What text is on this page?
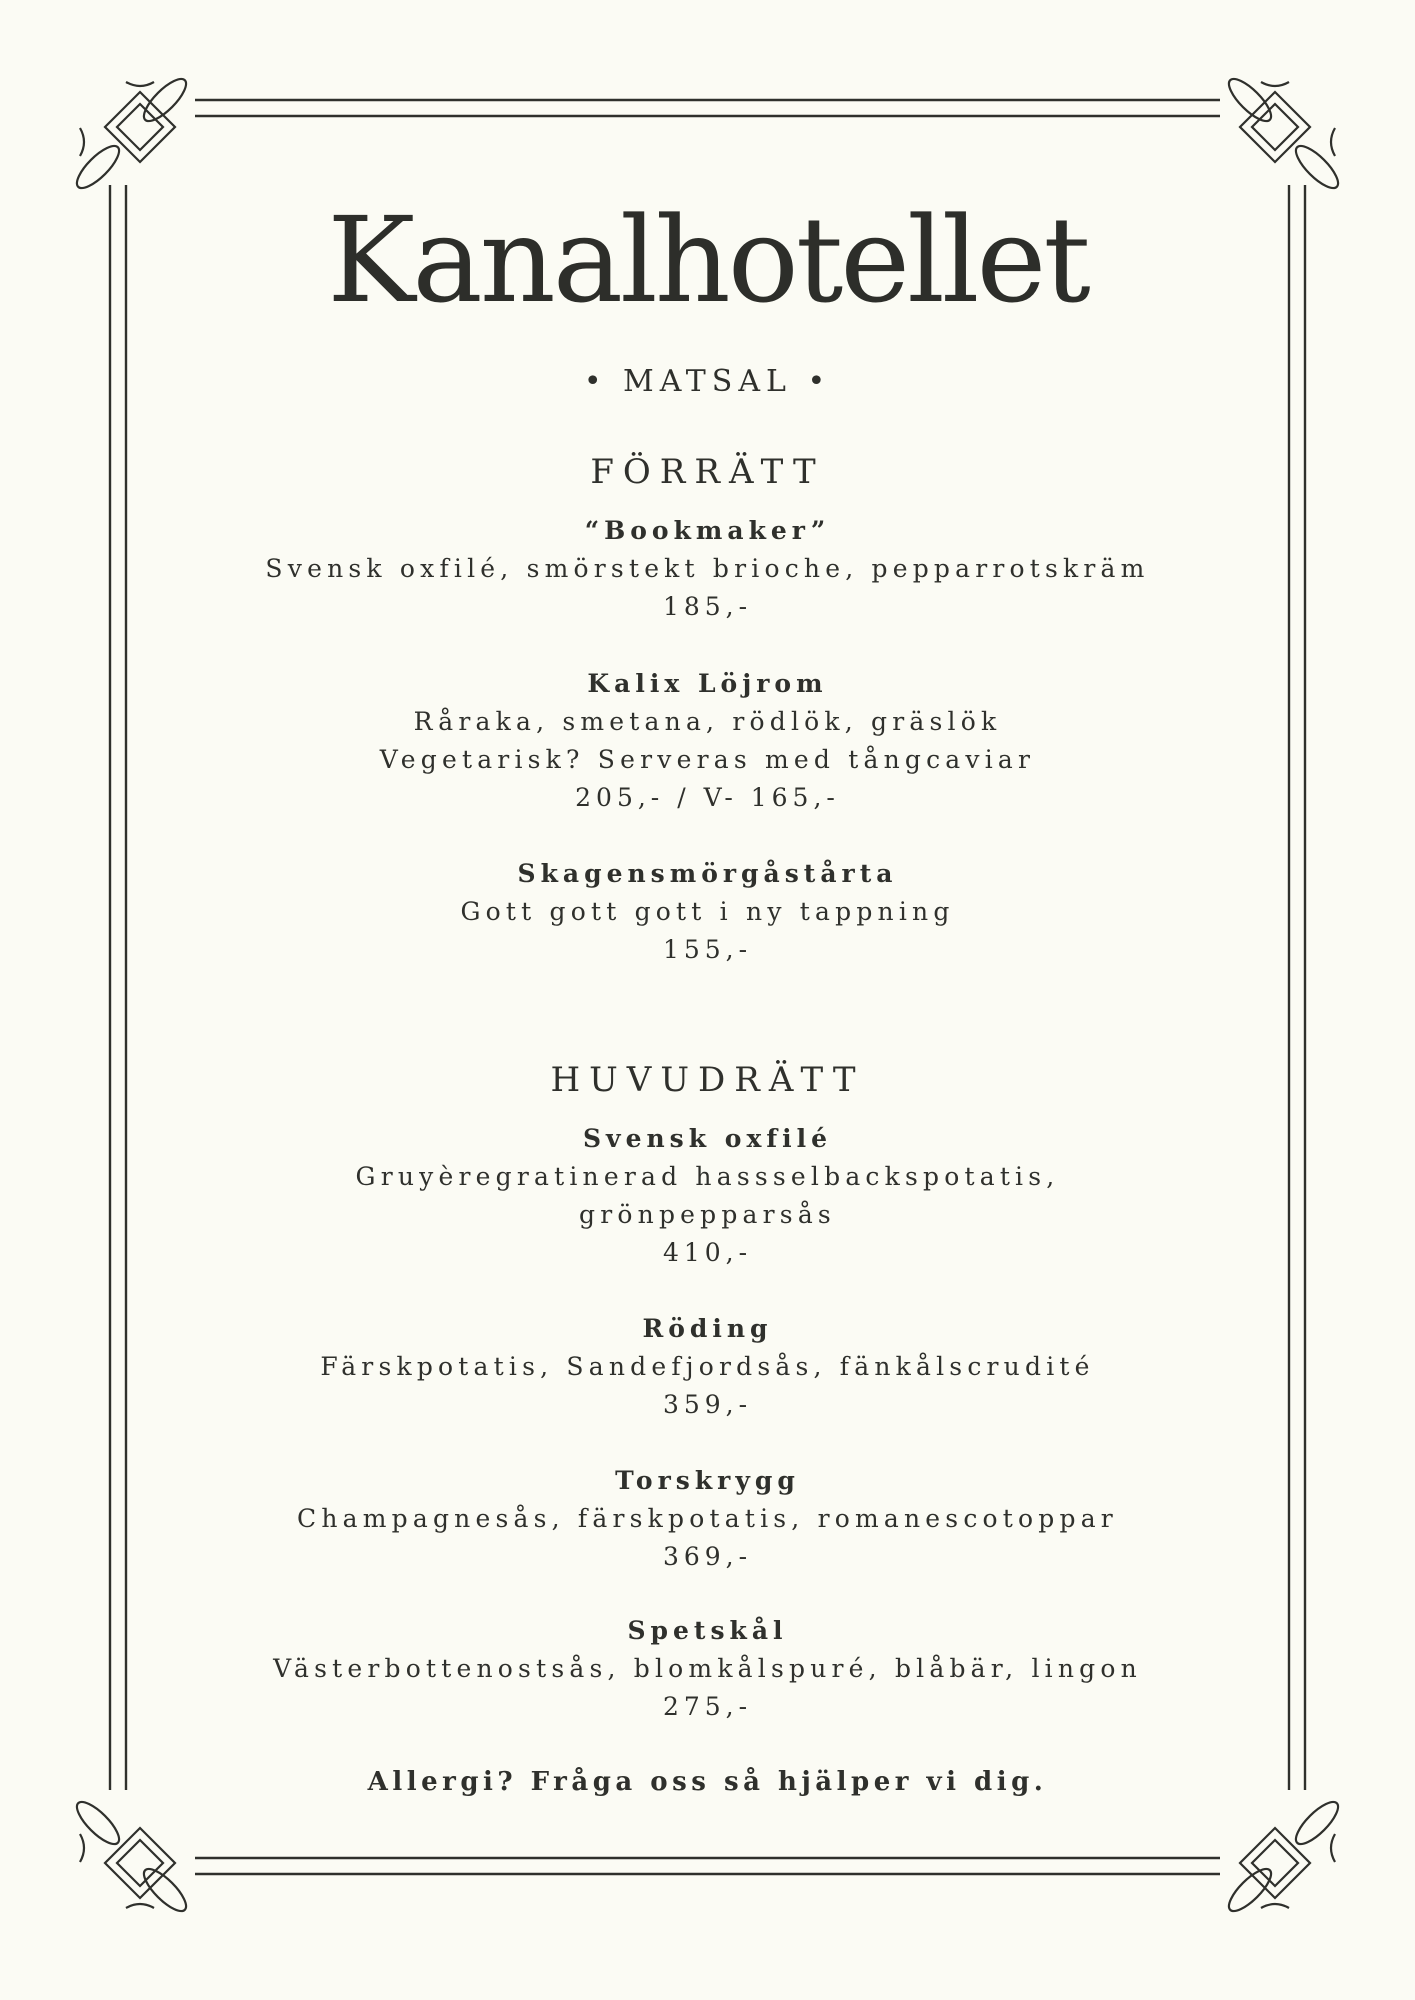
Kanalhotellet
• MATSAL •
FÖRRÄTT
“Bookmaker”
Svensk oxfilé, smörstekt brioche, pepparrotskräm
185,-
Kalix Löjrom
Råraka, smetana, rödlök, gräslök
Vegetarisk? Serveras med tångcaviar
205,- / V- 165,-
Skagensmörgåstårta
Gott gott gott i ny tappning
155,-
HUVUDRÄTT
Svensk oxfilé
Gruyèregratinerad hassselbackspotatis,
grönpepparsås
410,-
Röding
Färskpotatis, Sandefjordsås, fänkålscrudité
359,-
Torskrygg
Champagnesås, färskpotatis, romanescotoppar
369,-
Spetskål
Västerbottenostsås, blomkålspuré, blåbär, lingon
275,-
Allergi? Fråga oss så hjälper vi dig.
